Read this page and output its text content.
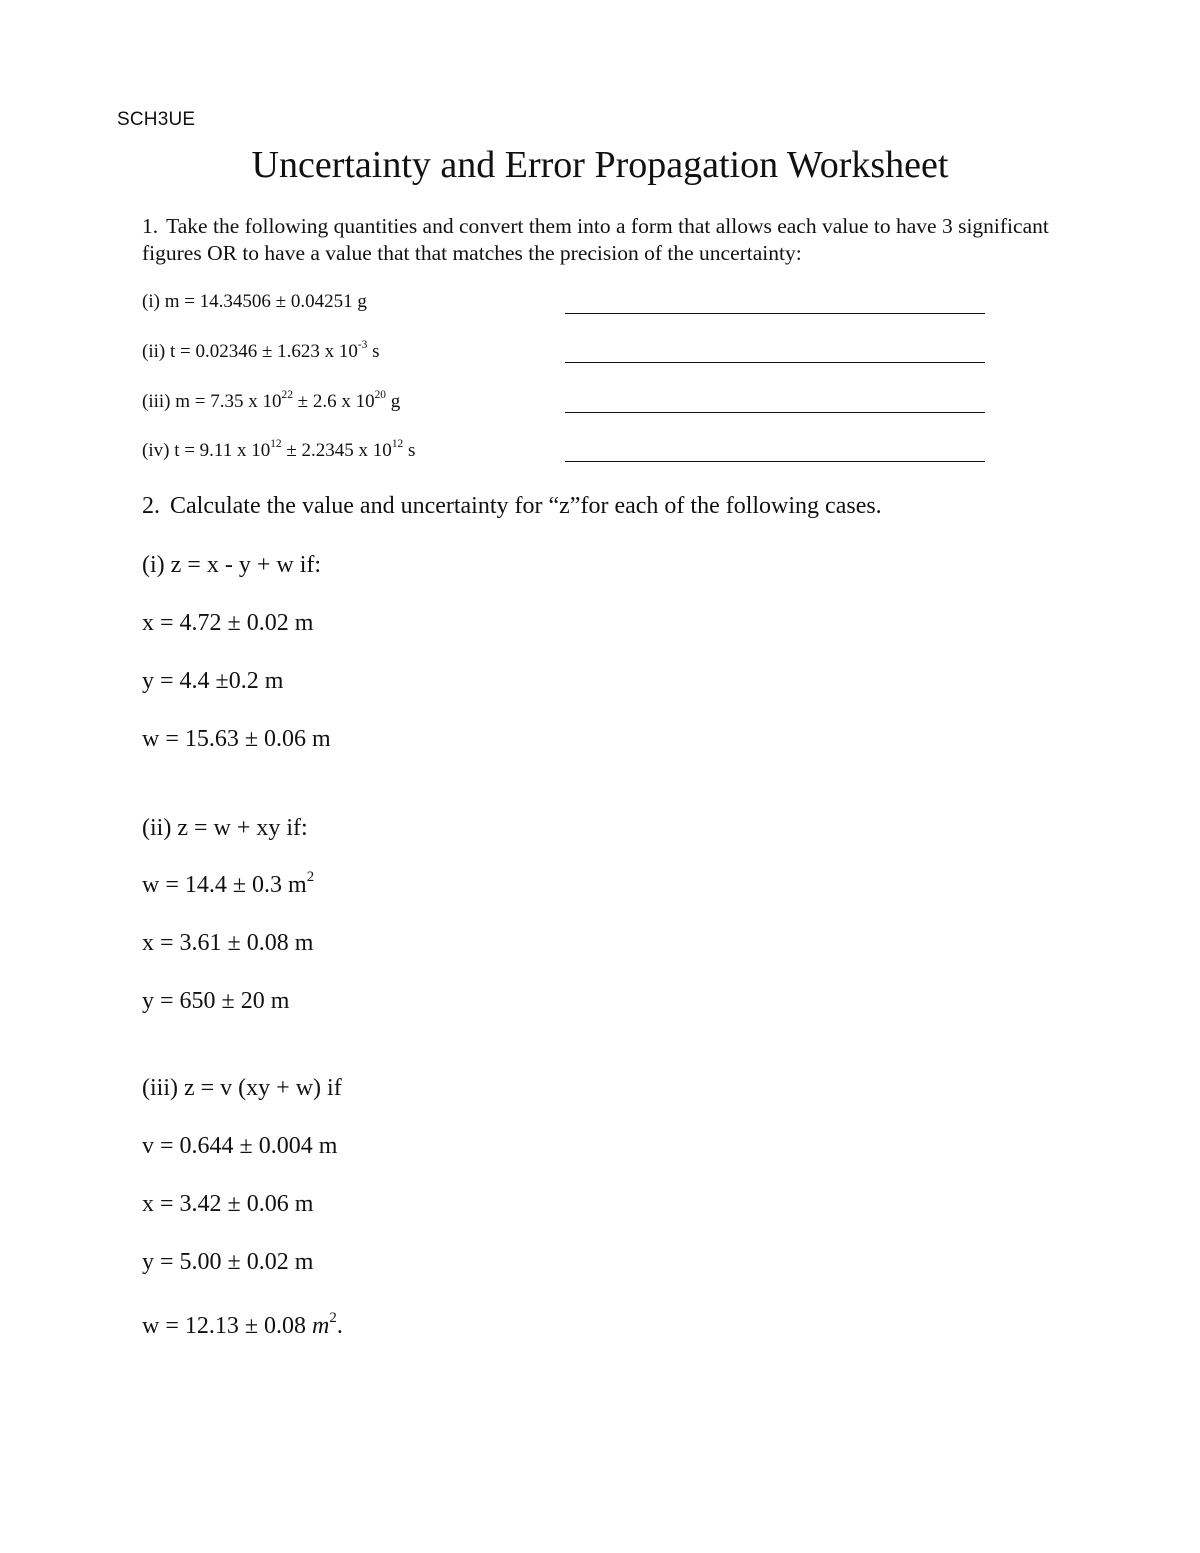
SCH3UE
Uncertainty and Error Propagation Worksheet
1. Take the following quantities and convert them into a form that allows each value to have 3 significant figures OR to have a value that that matches the precision of the uncertainty:
(i) m = 14.34506 ± 0.04251 g
(ii) t = 0.02346 ± 1.623 x $10^{-3}$ s
(iii) m = 7.35 x $10^{22} \pm 2.6$ x $10^{20}$ g
(iv) t = 9.11 x $10^{12} \pm 2.2345$ x $10^{12}$ s
2. Calculate the value and uncertainty for “z”for each of the following cases.
(i) z = x - y + w if:
x = 4.72 ± 0.02 m
y = 4.4 ±0.2 m
w = 15.63 ± 0.06 m
(ii) z = w + xy if:
w = 14.4 ± 0.3 $m^2$
x = 3.61 ± 0.08 m
y = 650 ± 20 m
(iii) z = v (xy + w) if
v = 0.644 ± 0.004 m
x = 3.42 ± 0.06 m
y = 5.00 ± 0.02 m
w = 12.13 ± 0.08 $m^2$.
